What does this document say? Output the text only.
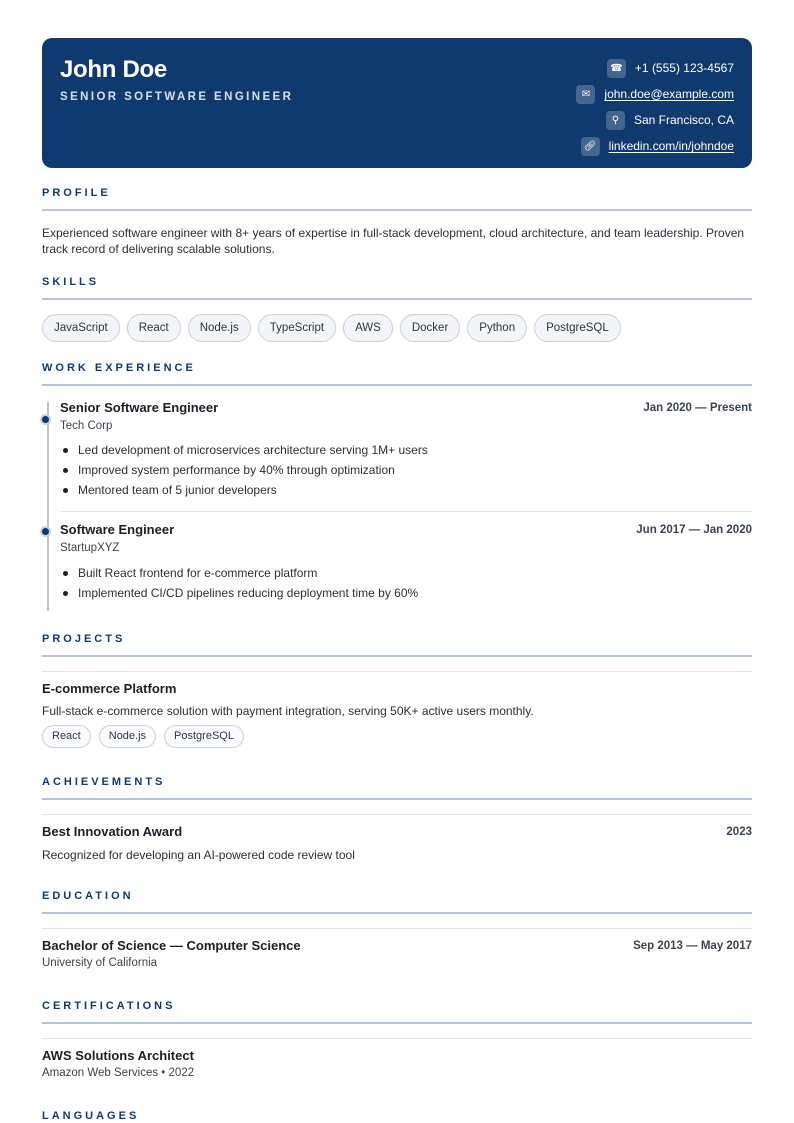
John Doe
SENIOR SOFTWARE ENGINEER
☎ +1 (555) 123-4567
✉	john.doe@example.com
⚲	San Francisco, CA
🔗︎ linkedin.com/in/johndoe
PROFILE
Experienced software engineer with 8+ years of expertise in full-stack development, cloud architecture, and team leadership. Proven track record of delivering scalable solutions.
SKILLS
JavaScript	React	Node.js	TypeScript	AWS	Docker	Python	PostgreSQL
WORK EXPERIENCE
Senior Software Engineer	Jan 2020 — Present
Tech Corp
Led development of microservices architecture serving 1M+ users
Improved system performance by 40% through optimization
Mentored team of 5 junior developers
Software Engineer	Jun 2017 — Jan 2020
StartupXYZ
Built React frontend for e-commerce platform
Implemented CI/CD pipelines reducing deployment time by 60%
PROJECTS
E-commerce Platform
Full-stack e-commerce solution with payment integration, serving 50K+ active users monthly.
React	Node.js	PostgreSQL
ACHIEVEMENTS
Best Innovation Award	2023
Recognized for developing an AI-powered code review tool
EDUCATION
Bachelor of Science — Computer Science	Sep 2013 — May 2017
University of California
CERTIFICATIONS
AWS Solutions Architect
Amazon Web Services • 2022
LANGUAGES
